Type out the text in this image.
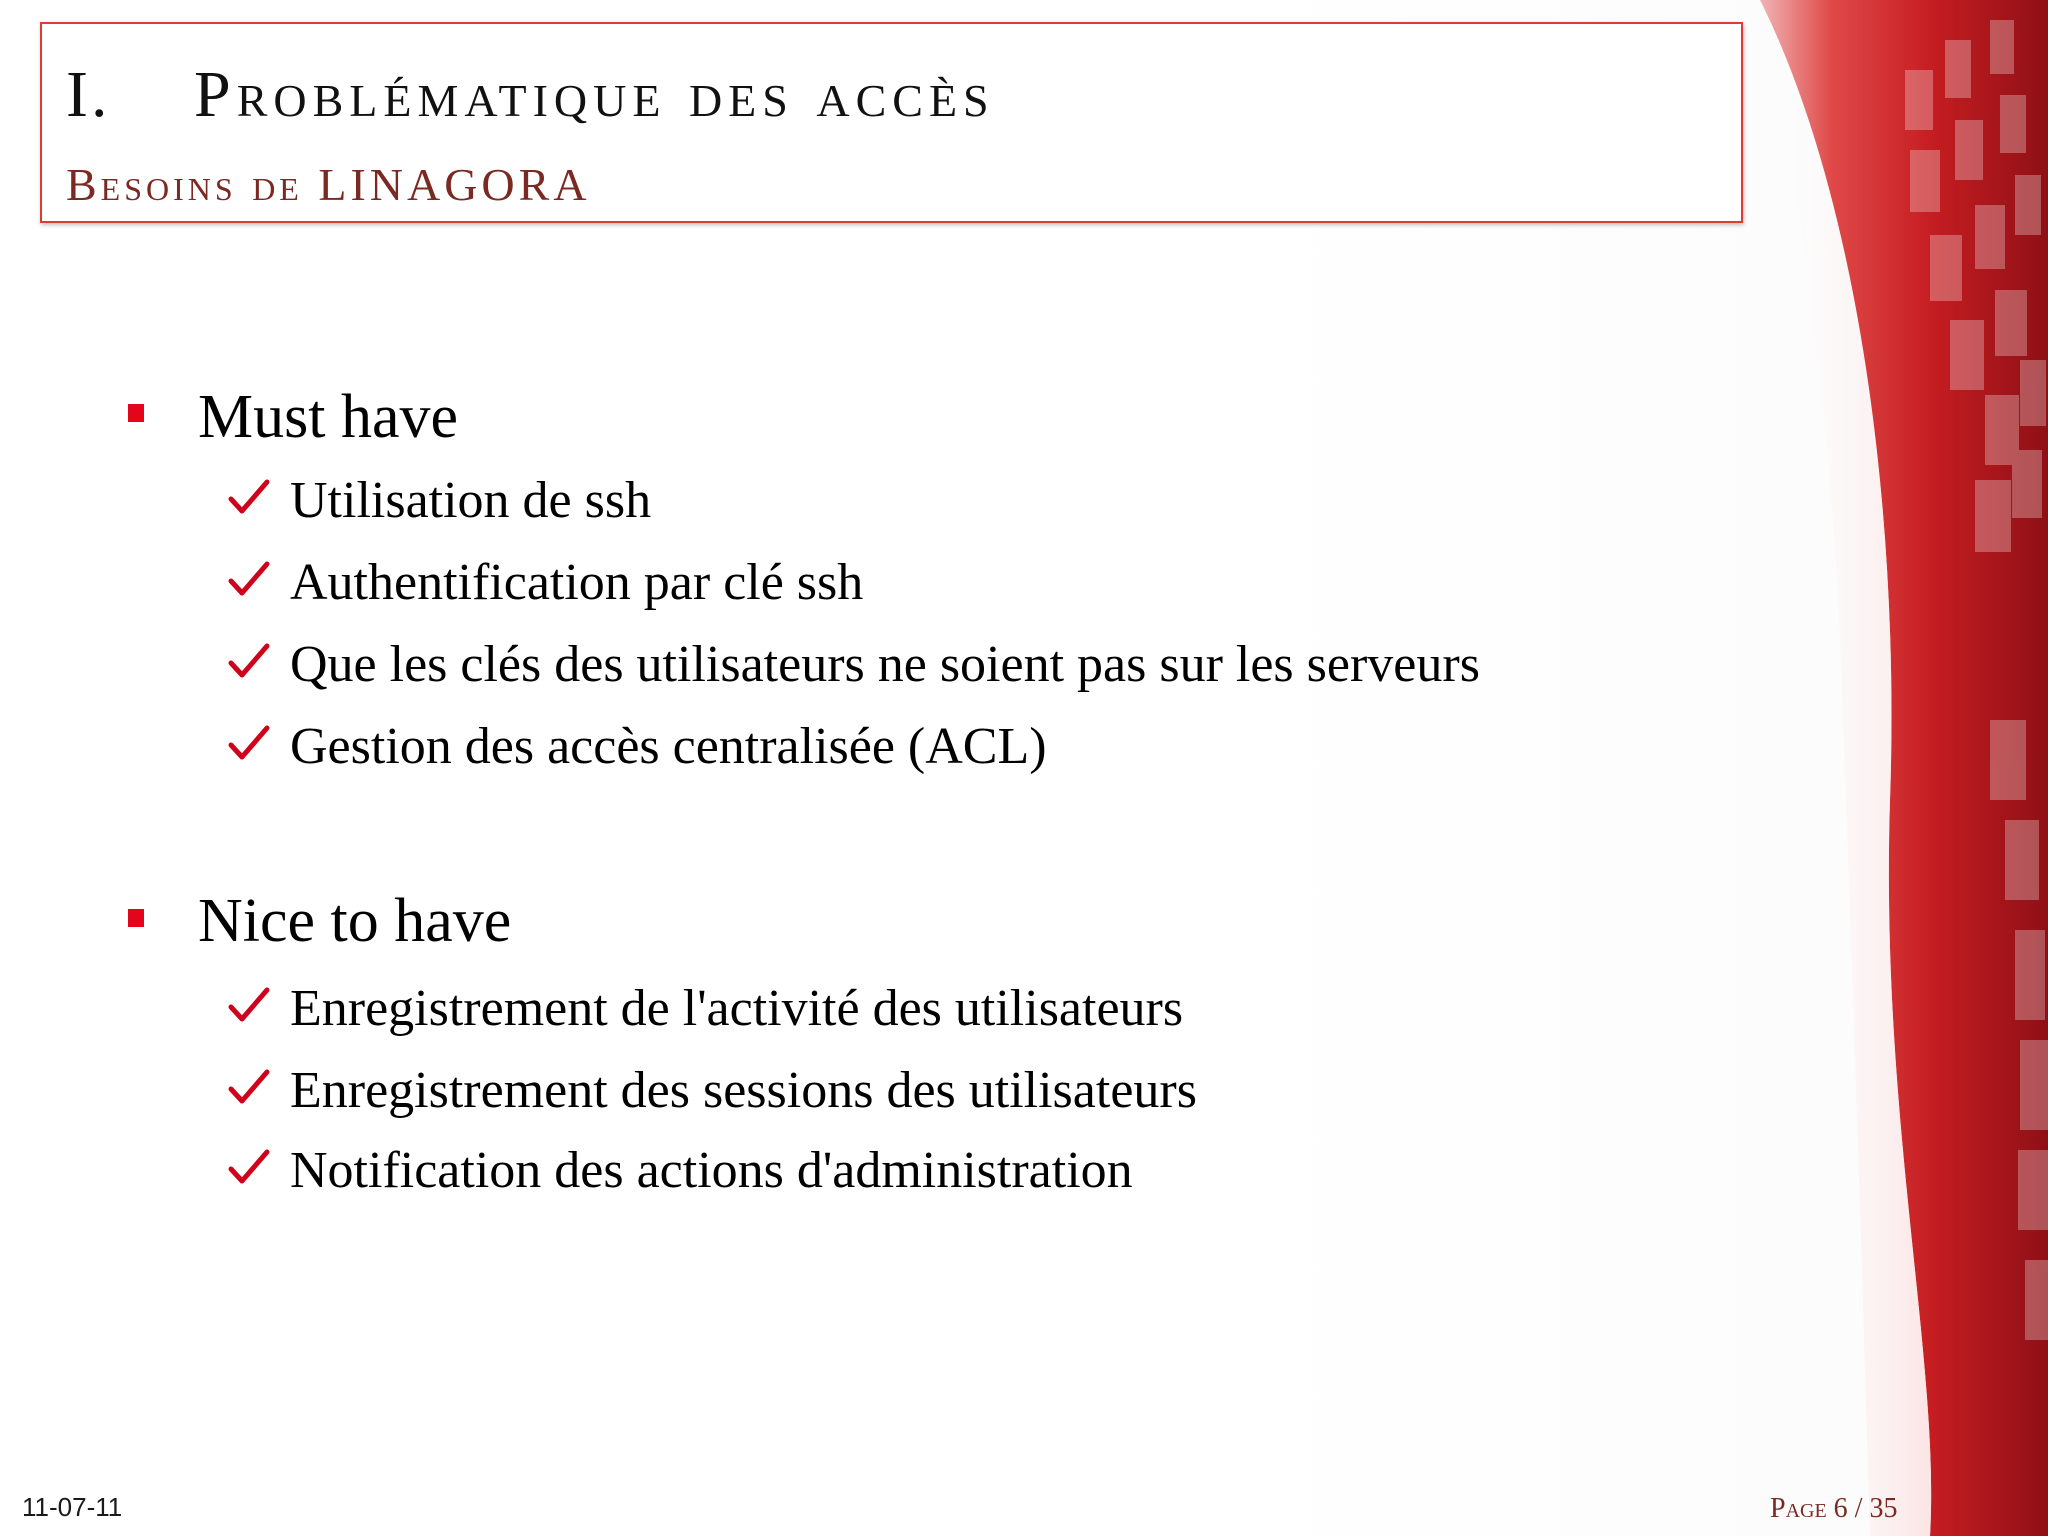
I. Problématique des accès
Besoins de LINAGORA
Must have
Utilisation de ssh
Authentification par clé ssh
Que les clés des utilisateurs ne soient pas sur les serveurs
Gestion des accès centralisée (ACL)
Nice to have
Enregistrement de l'activité des utilisateurs
Enregistrement des sessions des utilisateurs
Notification des actions d'administration
11-07-11	Page 6 / 35
